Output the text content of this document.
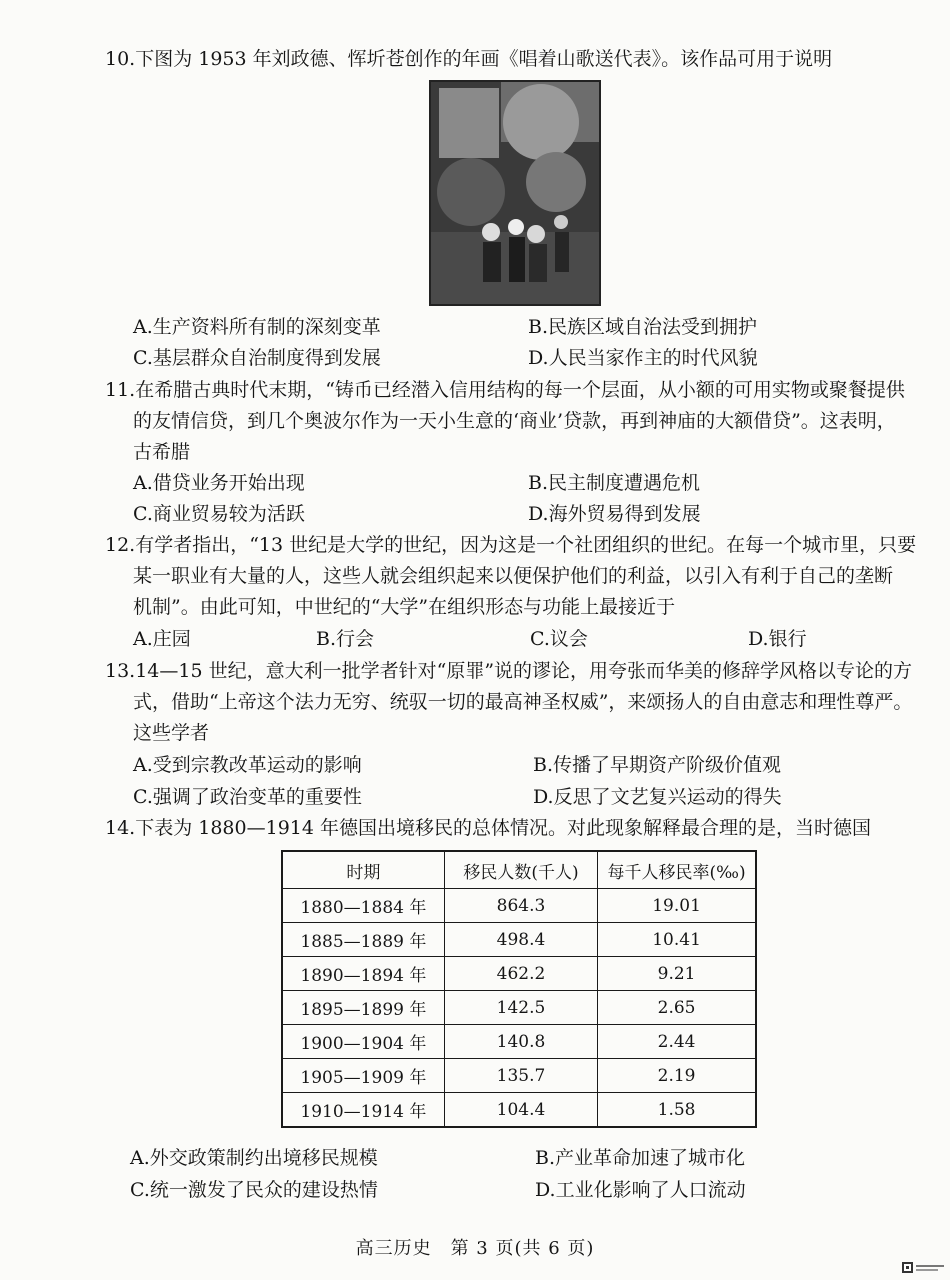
10.下图为 1953 年刘政德、恽圻苍创作的年画《唱着山歌送代表》。该作品可用于说明
A.生产资料所有制的深刻变革	B.民族区域自治法受到拥护
C.基层群众自治制度得到发展	D.人民当家作主的时代风貌
11.在希腊古典时代末期，“铸币已经潜入信用结构的每一个层面，从小额的可用实物或聚餐提供
的友情信贷，到几个奥波尔作为一天小生意的‘商业’贷款，再到神庙的大额借贷”。这表明，
古希腊
A.借贷业务开始出现	B.民主制度遭遇危机
C.商业贸易较为活跃	D.海外贸易得到发展
12.有学者指出，“13 世纪是大学的世纪，因为这是一个社团组织的世纪。在每一个城市里，只要
某一职业有大量的人，这些人就会组织起来以便保护他们的利益，以引入有利于自己的垄断
机制”。由此可知，中世纪的“大学”在组织形态与功能上最接近于
A.庄园	B.行会	C.议会	D.银行
13.14—15 世纪，意大利一批学者针对“原罪”说的谬论，用夸张而华美的修辞学风格以专论的方
式，借助“上帝这个法力无穷、统驭一切的最高神圣权威”，来颂扬人的自由意志和理性尊严。
这些学者
A.受到宗教改革运动的影响	B.传播了早期资产阶级价值观
C.强调了政治变革的重要性	D.反思了文艺复兴运动的得失
14.下表为 1880—1914 年德国出境移民的总体情况。对此现象解释最合理的是，当时德国
时期	移民人数(千人)	每千人移民率(‰)
1880—1884 年	864.3	19.01
1885—1889 年	498.4	10.41
1890—1894 年	462.2	9.21
1895—1899 年	142.5	2.65
1900—1904 年	140.8	2.44
1905—1909 年	135.7	2.19
1910—1914 年	104.4	1.58
A.外交政策制约出境移民规模	B.产业革命加速了城市化
C.统一激发了民众的建设热情	D.工业化影响了人口流动
高三历史　第 3 页(共 6 页)
